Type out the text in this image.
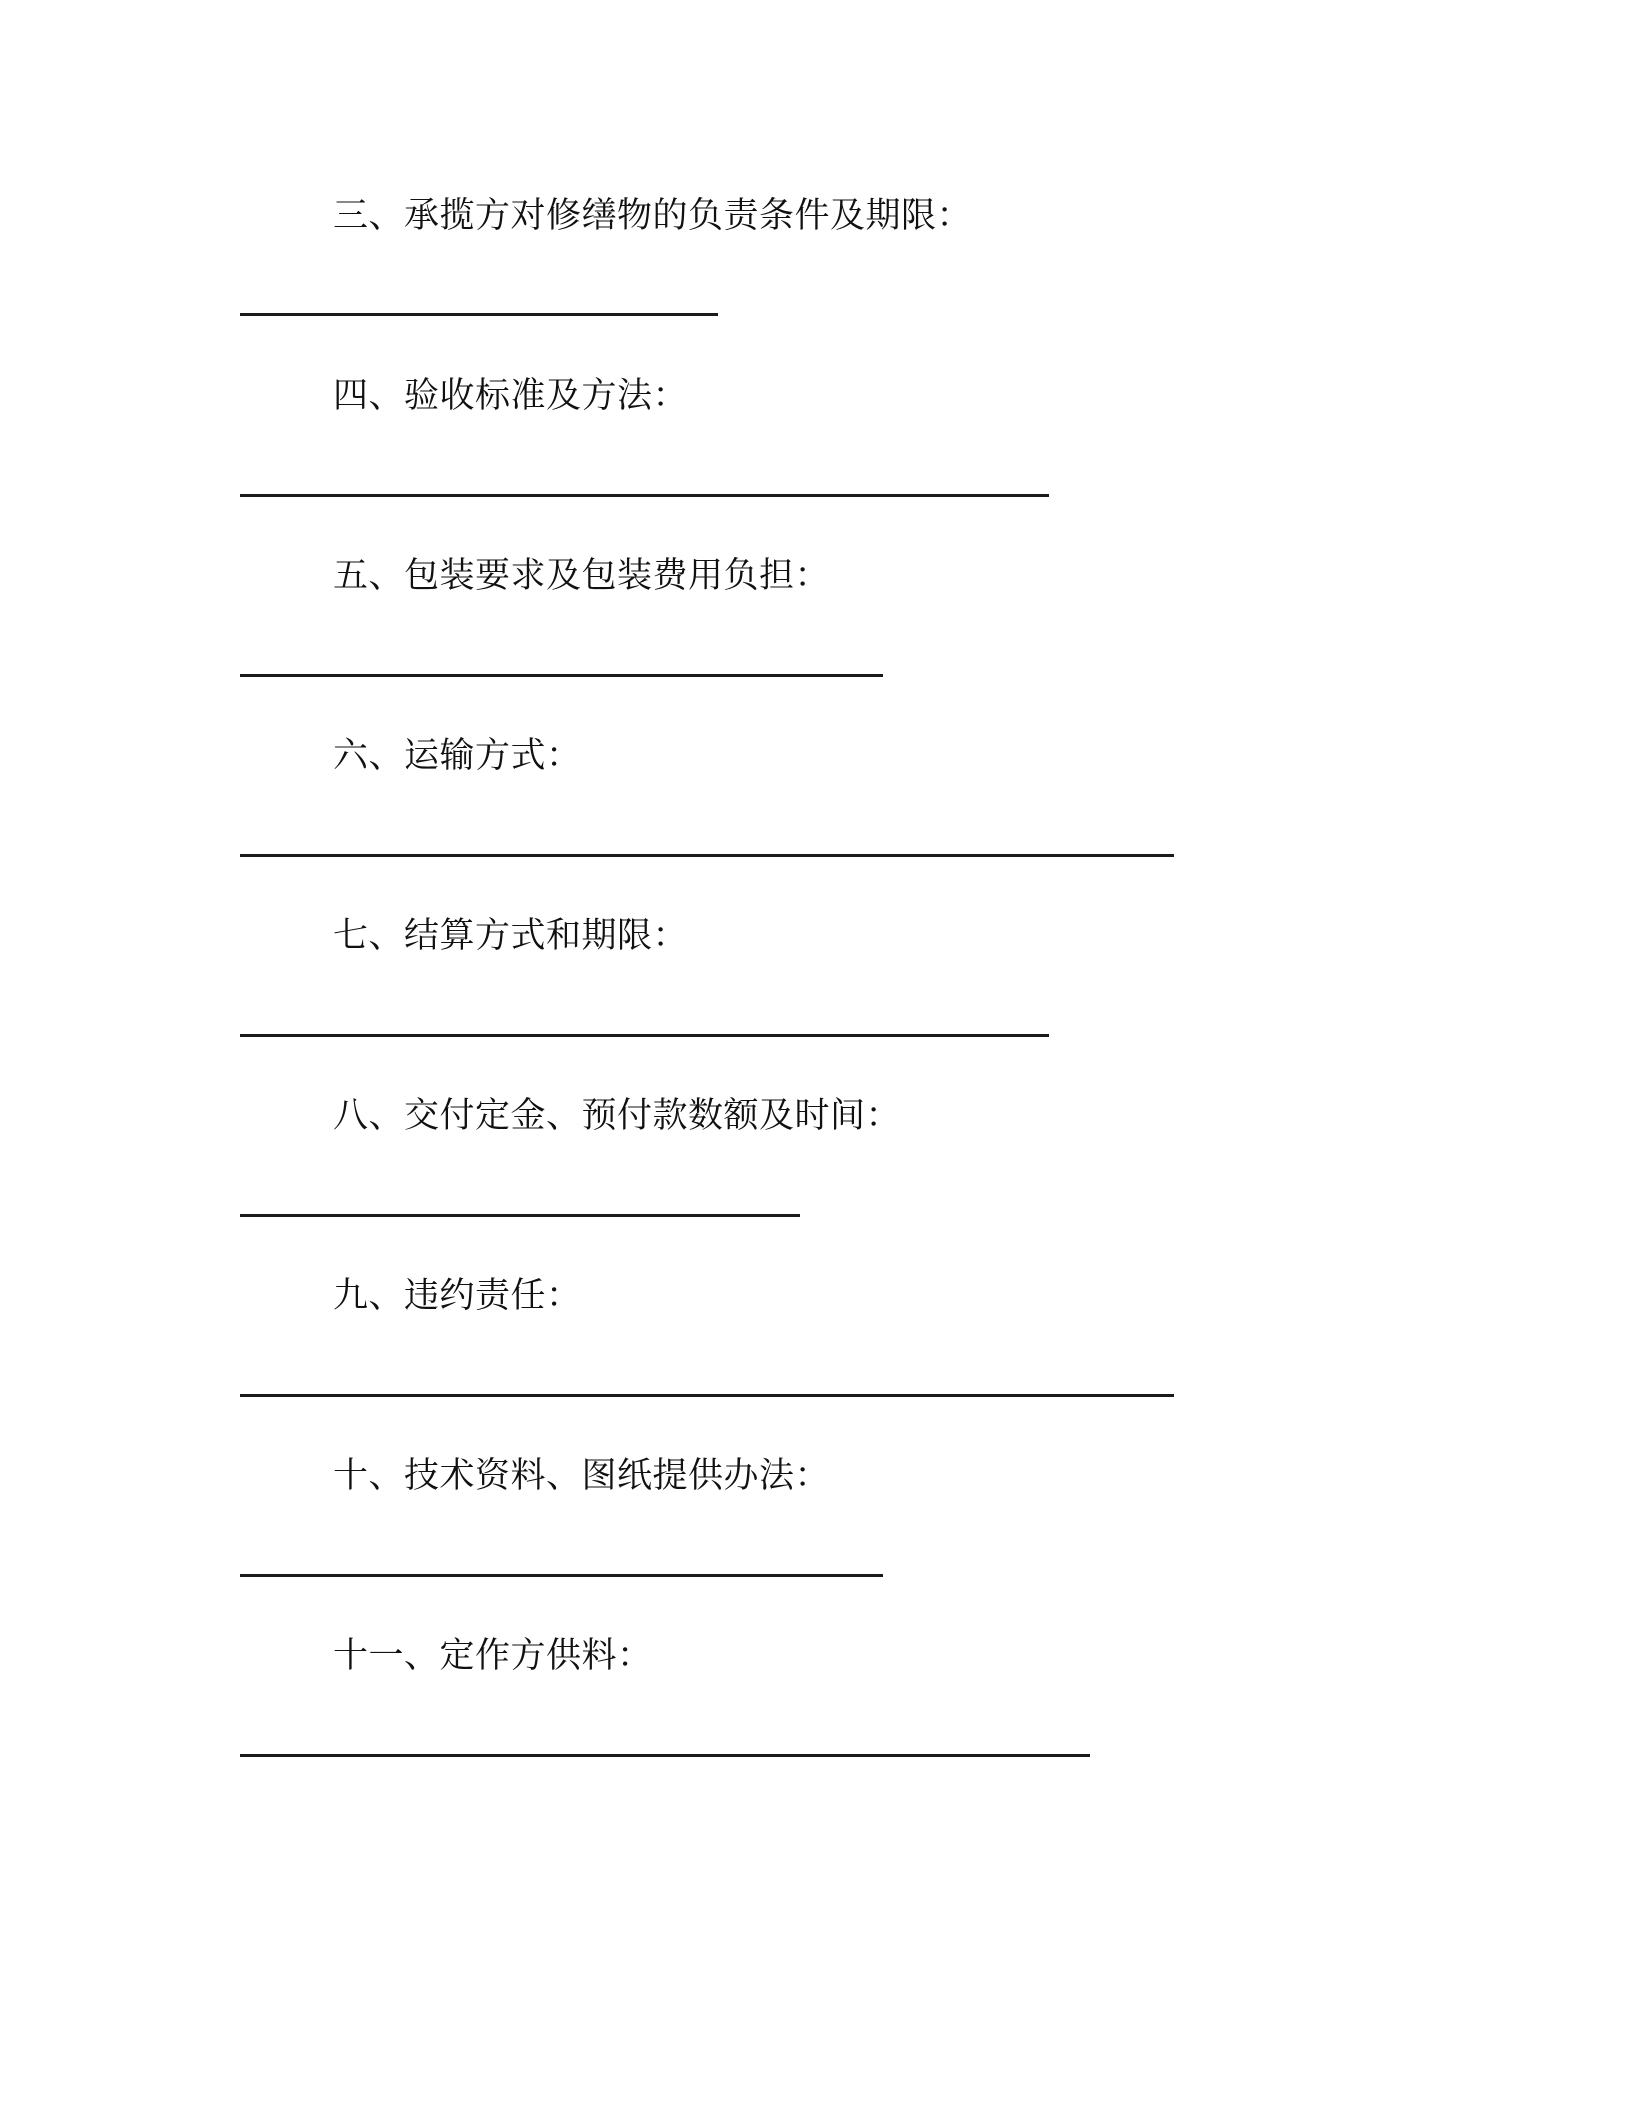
三、承揽方对修缮物的负责条件及期限：
四、验收标准及方法：
五、包装要求及包装费用负担：
六、运输方式：
七、结算方式和期限：
八、交付定金、预付款数额及时间：
九、违约责任：
十、技术资料、图纸提供办法：
十一、定作方供料：
